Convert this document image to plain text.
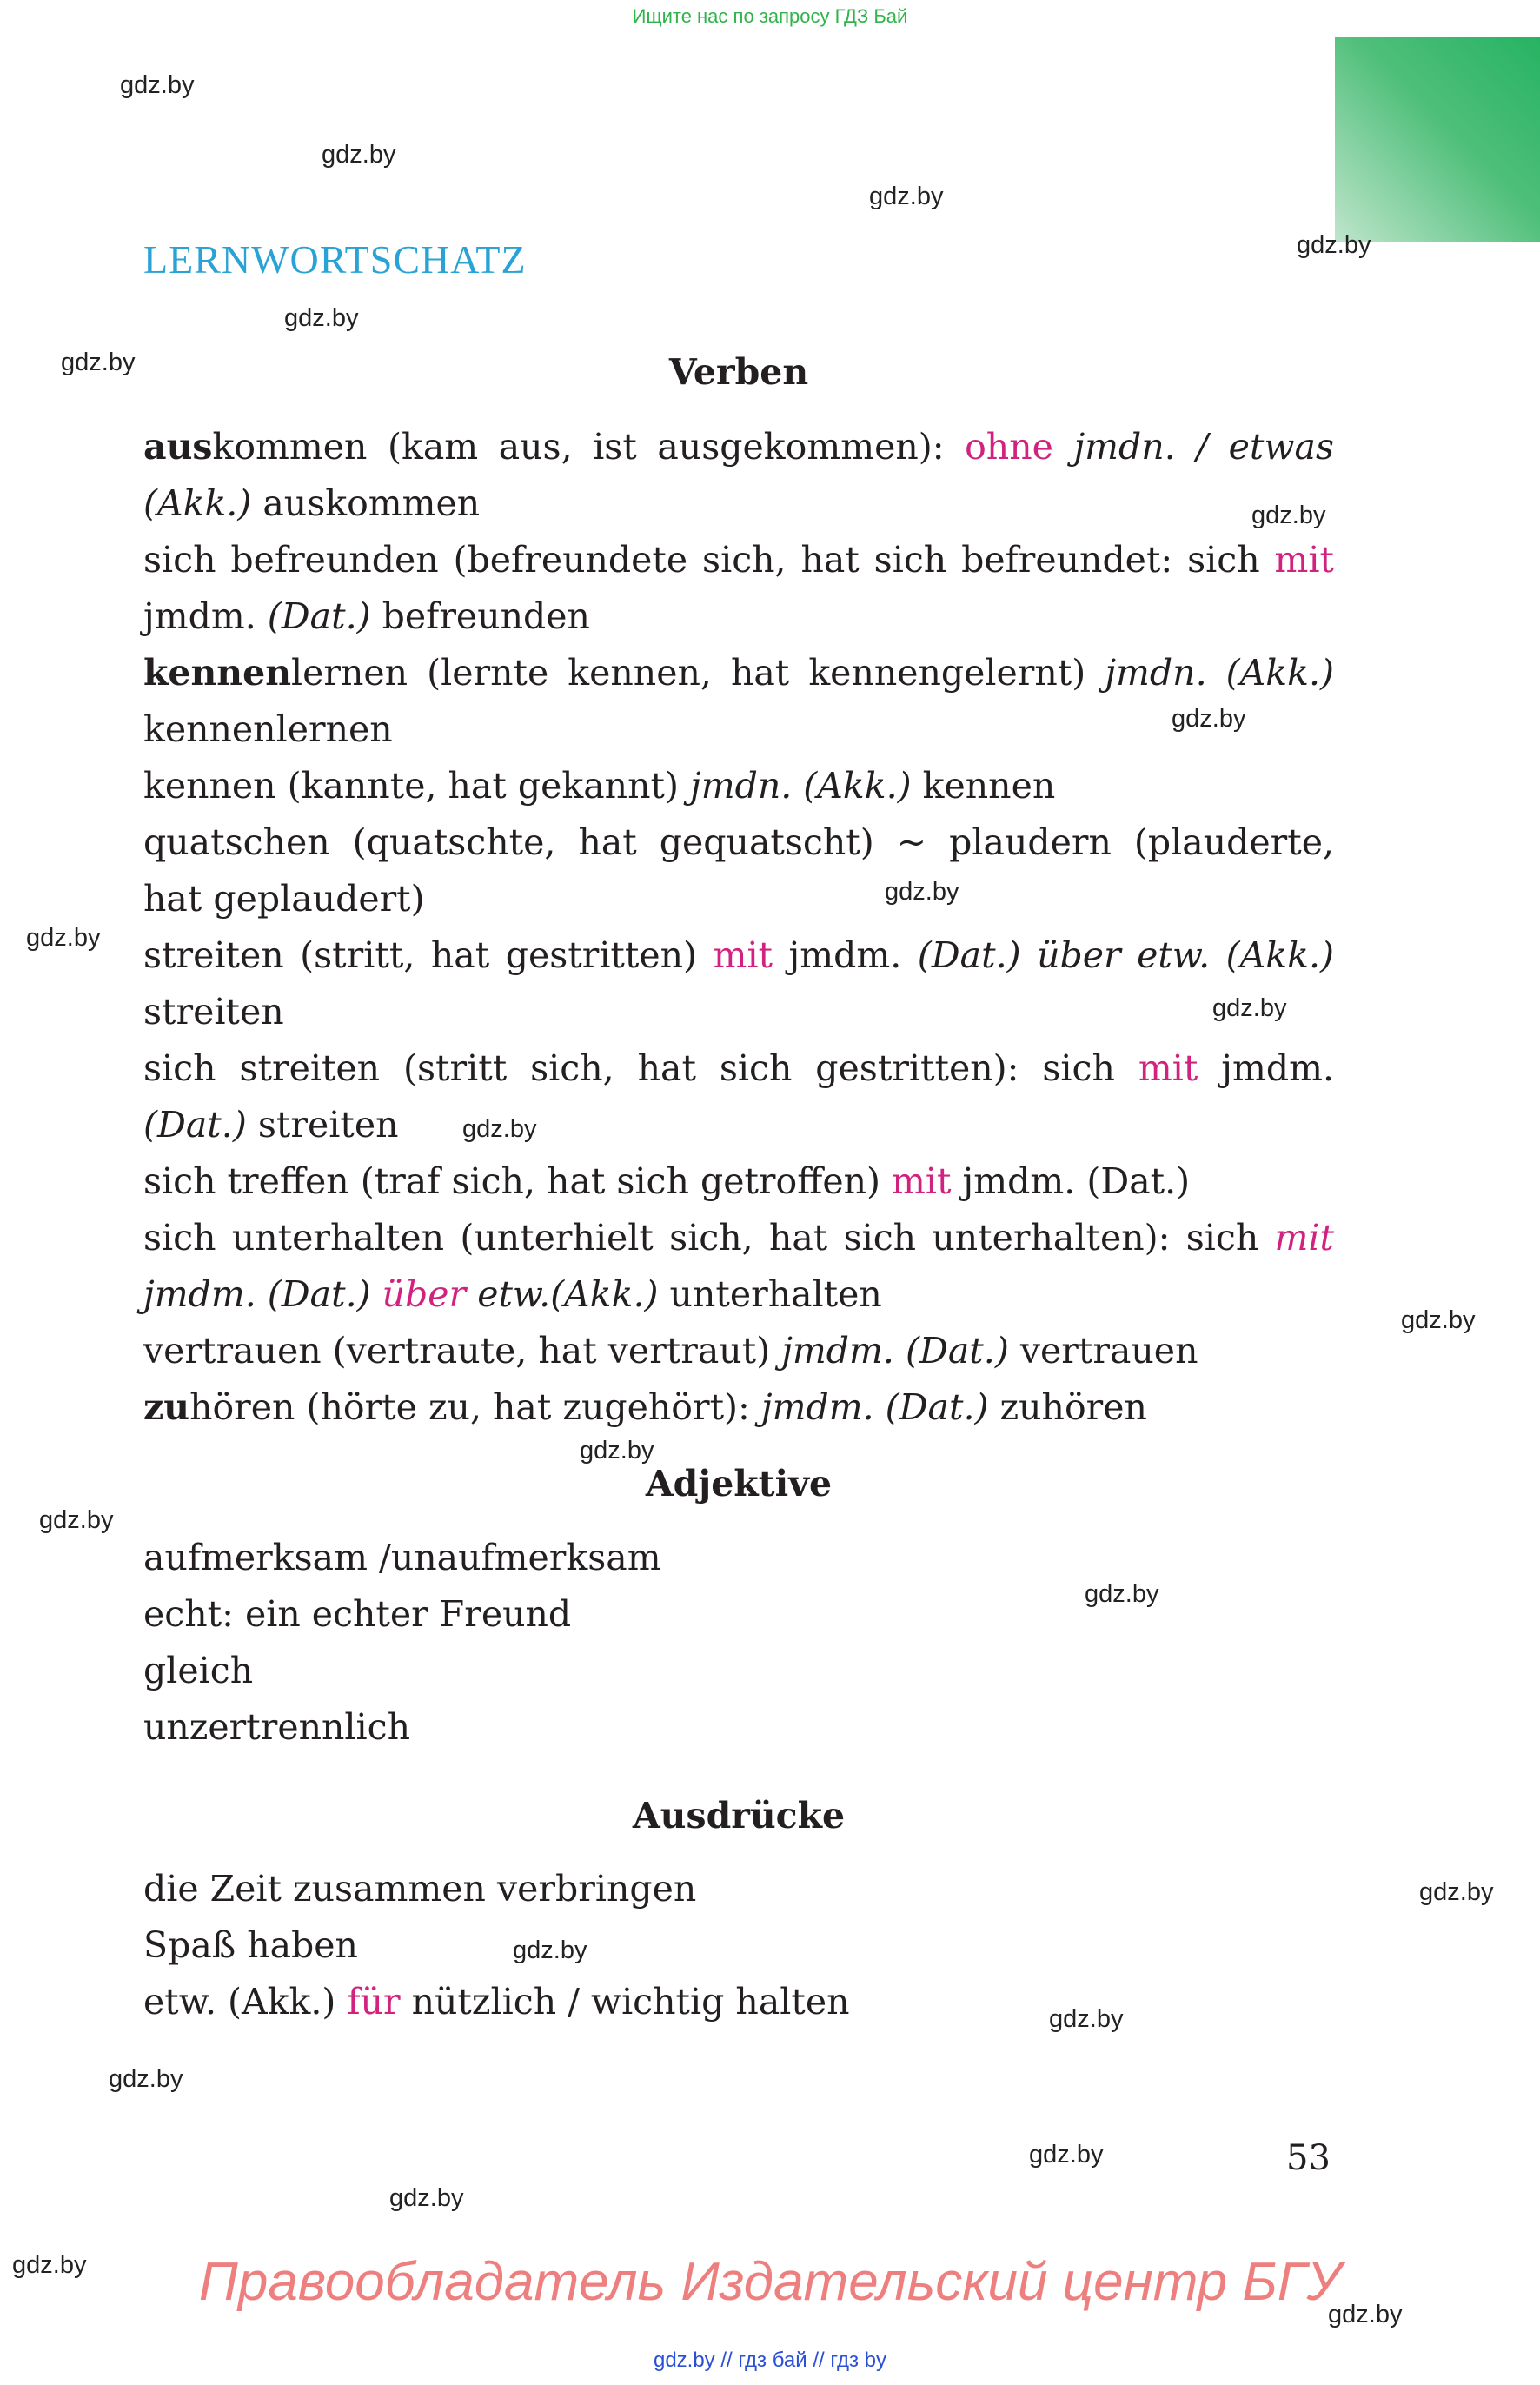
Ищите нас по запросу ГДЗ Бай
LERNWORTSCHATZ
Verben
auskommen (kam aus, ist ausgekommen): ohne jmdn. / etwas (Akk.) auskommen
sich befreunden (befreundete sich, hat sich befreundet: sich mit jmdm. (Dat.) befreunden
kennenlernen (lernte kennen, hat kennengelernt) jmdn. (Akk.) kennenlernen
kennen (kannte, hat gekannt) jmdn. (Akk.) kennen
quatschen (quatschte, hat gequatscht) ~ plaudern (plauderte, hat geplaudert)
streiten (stritt, hat gestritten) mit jmdm. (Dat.) über etw. (Akk.) streiten
sich streiten (stritt sich, hat sich gestritten): sich mit jmdm. (Dat.) streiten
sich treffen (traf sich, hat sich getroffen) mit jmdm. (Dat.)
sich unterhalten (unterhielt sich, hat sich unterhalten): sich mit jmdm. (Dat.) über etw.(Akk.) unterhalten
vertrauen (vertraute, hat vertraut) jmdm. (Dat.) vertrauen
zuhören (hörte zu, hat zugehört): jmdm. (Dat.) zuhören
Adjektive
aufmerksam /unaufmerksam
echt: ein echter Freund
gleich
unzertrennlich
Ausdrücke
die Zeit zusammen verbringen
Spaß haben
etw. (Akk.) für nützlich / wichtig halten
gdz.by
gdz.by
gdz.by
gdz.by
gdz.by
gdz.by
gdz.by
gdz.by
gdz.by
gdz.by
gdz.by
gdz.by
gdz.by
gdz.by
gdz.by
gdz.by
gdz.by
gdz.by
gdz.by
gdz.by
gdz.by
gdz.by
gdz.by
gdz.by
53
Правообладатель Издательский центр БГУ
gdz.by // гдз бай // гдз by
